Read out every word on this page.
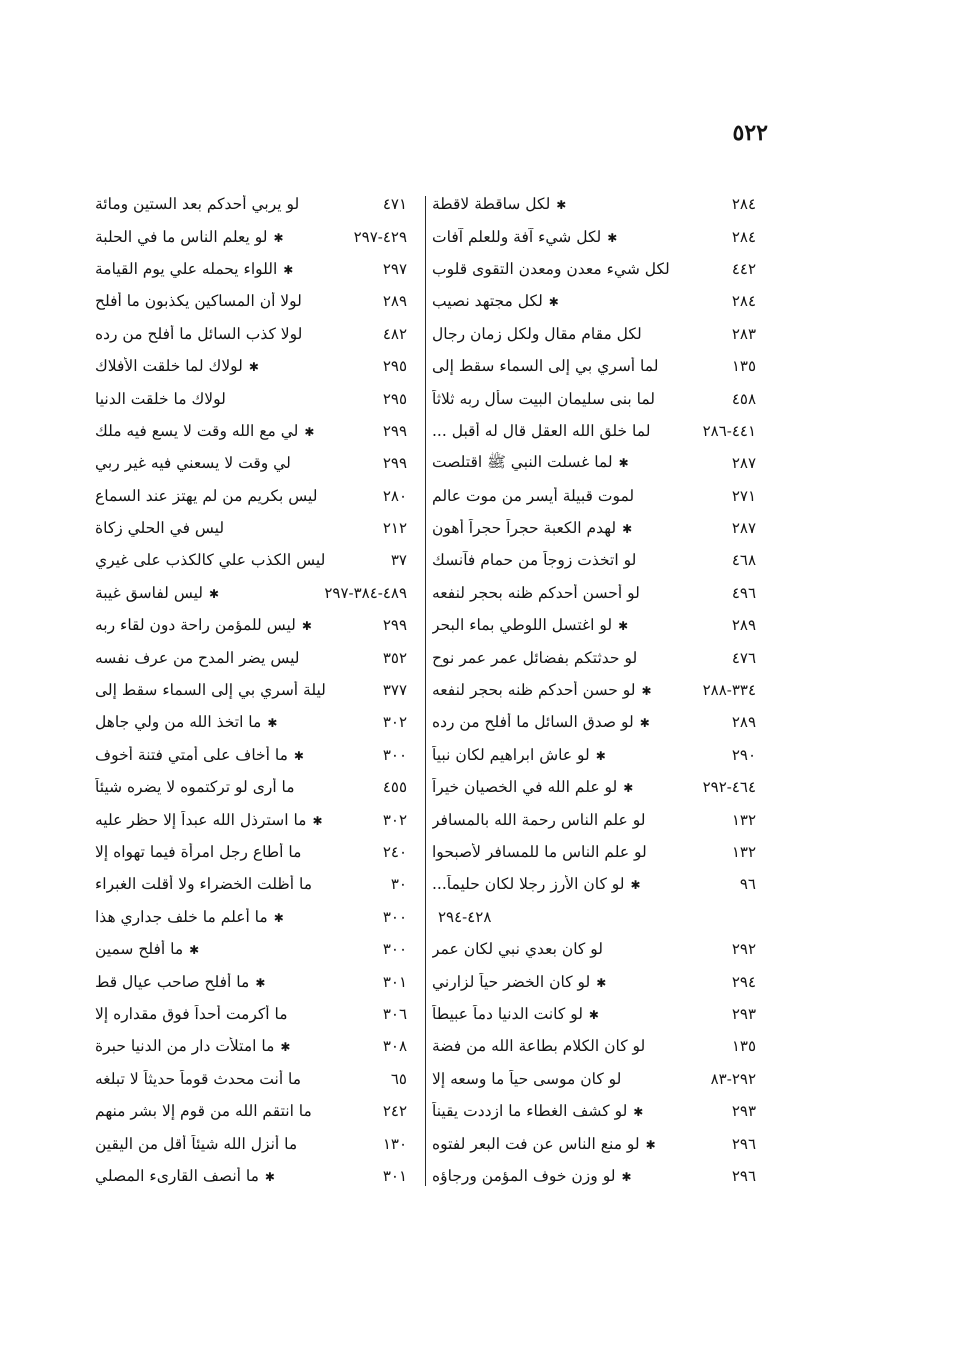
٥٢٢
✱لكل ساقطة لاقطة	٢٨٤
✱لكل شيء آفة وللعلم آفات	٢٨٤
لكل شيء معدن ومعدن التقوى قلوب	٤٤٢
✱لكل مجتهد نصيب	٢٨٤
لكل مقام مقال ولكل زمان رجال	٢٨٣
لما أسري بي إلى السماء سقط إلى	١٣٥
لما بنى سليمان البيت سأل ربه ثلاثاً	٤٥٨
لما خلق الله العقل قال له أقبل ...	٤٤١-٢٨٦
✱لما غسلت النبي ﷺ اقتلصت	٢٨٧
لموت قبيلة أيسر من موت عالم	٢٧١
✱لهدم الكعبة حجراً حجراً أهون	٢٨٧
لو اتخذت زوجاً من حمام فآنسك	٤٦٨
لو أحسن أحدكم ظنه بحجر لنفعه	٤٩٦
✱لو اغتسل اللوطي بماء البحر	٢٨٩
لو حدثتكم بفضائل عمر عمر نوح	٤٧٦
✱لو حسن أحدكم ظنه بحجر لنفعه	٣٣٤-٢٨٨
✱لو صدق السائل ما أفلح من رده	٢٨٩
✱لو عاش ابراهيم لكان نبياً	٢٩٠
✱لو علم الله في الخصيان خيراً	٤٦٤-٢٩٢
لو علم الناس رحمة الله بالمسافر	١٣٢
لو علم الناس ما للمسافر لأصبحوا	١٣٢
✱لو كان الأرز رجلا لكان حليماً...	٩٦
٤٢٨-٢٩٤
لو كان بعدي نبي لكان عمر	٢٩٢
✱لو كان الخضر حياً لزارني	٢٩٤
✱لو كانت الدنيا دماً عبيطاً	٢٩٣
لو كان الكلام بطاعة الله من فضة	١٣٥
لو كان موسى حياً ما وسعه إلا	٢٩٢-٨٣
✱لو كشف الغطاء ما ازددت يقيناً	٢٩٣
✱لو منع الناس عن فت البعر لفتوه	٢٩٦
✱لو وزن خوف المؤمن ورجاؤه	٢٩٦
لو يربي أحدكم بعد الستين ومائة	٤٧١
✱لو يعلم الناس ما في الحلبة	٤٢٩-٢٩٧
✱اللواء يحمله علي يوم القيامة	٢٩٧
لولا أن المساكين يكذبون ما أفلح	٢٨٩
لولا كذب السائل ما أفلح من رده	٤٨٢
✱لولاك لما خلقت الأفلاك	٢٩٥
لولاك ما خلقت الدنيا	٢٩٥
✱لي مع الله وقت لا يسع فيه ملك	٢٩٩
لي وقت لا يسعني فيه غير ربي	٢٩٩
ليس بكريم من لم يهتز عند السماع	٢٨٠
ليس في الحلي زكاة	٢١٢
ليس الكذب علي كالكذب على غيري	٣٧
✱ليس لفاسق غيبة	٤٨٩-٣٨٤-٢٩٧
✱ليس للمؤمن راحة دون لقاء ربه	٢٩٩
ليس يضر المدح من عرف نفسه	٣٥٢
ليلة أسري بي إلى السماء سقط إلى	٣٧٧
✱ما اتخذ الله من ولي جاهل	٣٠٢
✱ما أخاف على أمتي فتنة أخوف	٣٠٠
ما أرى لو تركتموه لا يضره شيئاً	٤٥٥
✱ما استرذل الله عبداً إلا حظر عليه	٣٠٢
ما أطاع رجل امرأة فيما تهواه إلا	٢٤٠
ما أظلت الخضراء ولا أقلت الغبراء	٣٠
✱ما أعلم ما خلف جداري هذا	٣٠٠
✱ما أفلح سمين	٣٠٠
✱ما أفلح صاحب عيال قط	٣٠١
ما أكرمت أحداً فوق مقداره إلا	٣٠٦
✱ما امتلأت دار من الدنيا حبرة	٣٠٨
ما أنت محدث قوماً حديثاً لا تبلغه	٦٥
ما انتقم الله من قوم إلا بشر منهم	٢٤٢
ما أنزل الله شيئاً أقل من اليقين	١٣٠
✱ما أنصف القارىء المصلي	٣٠١
